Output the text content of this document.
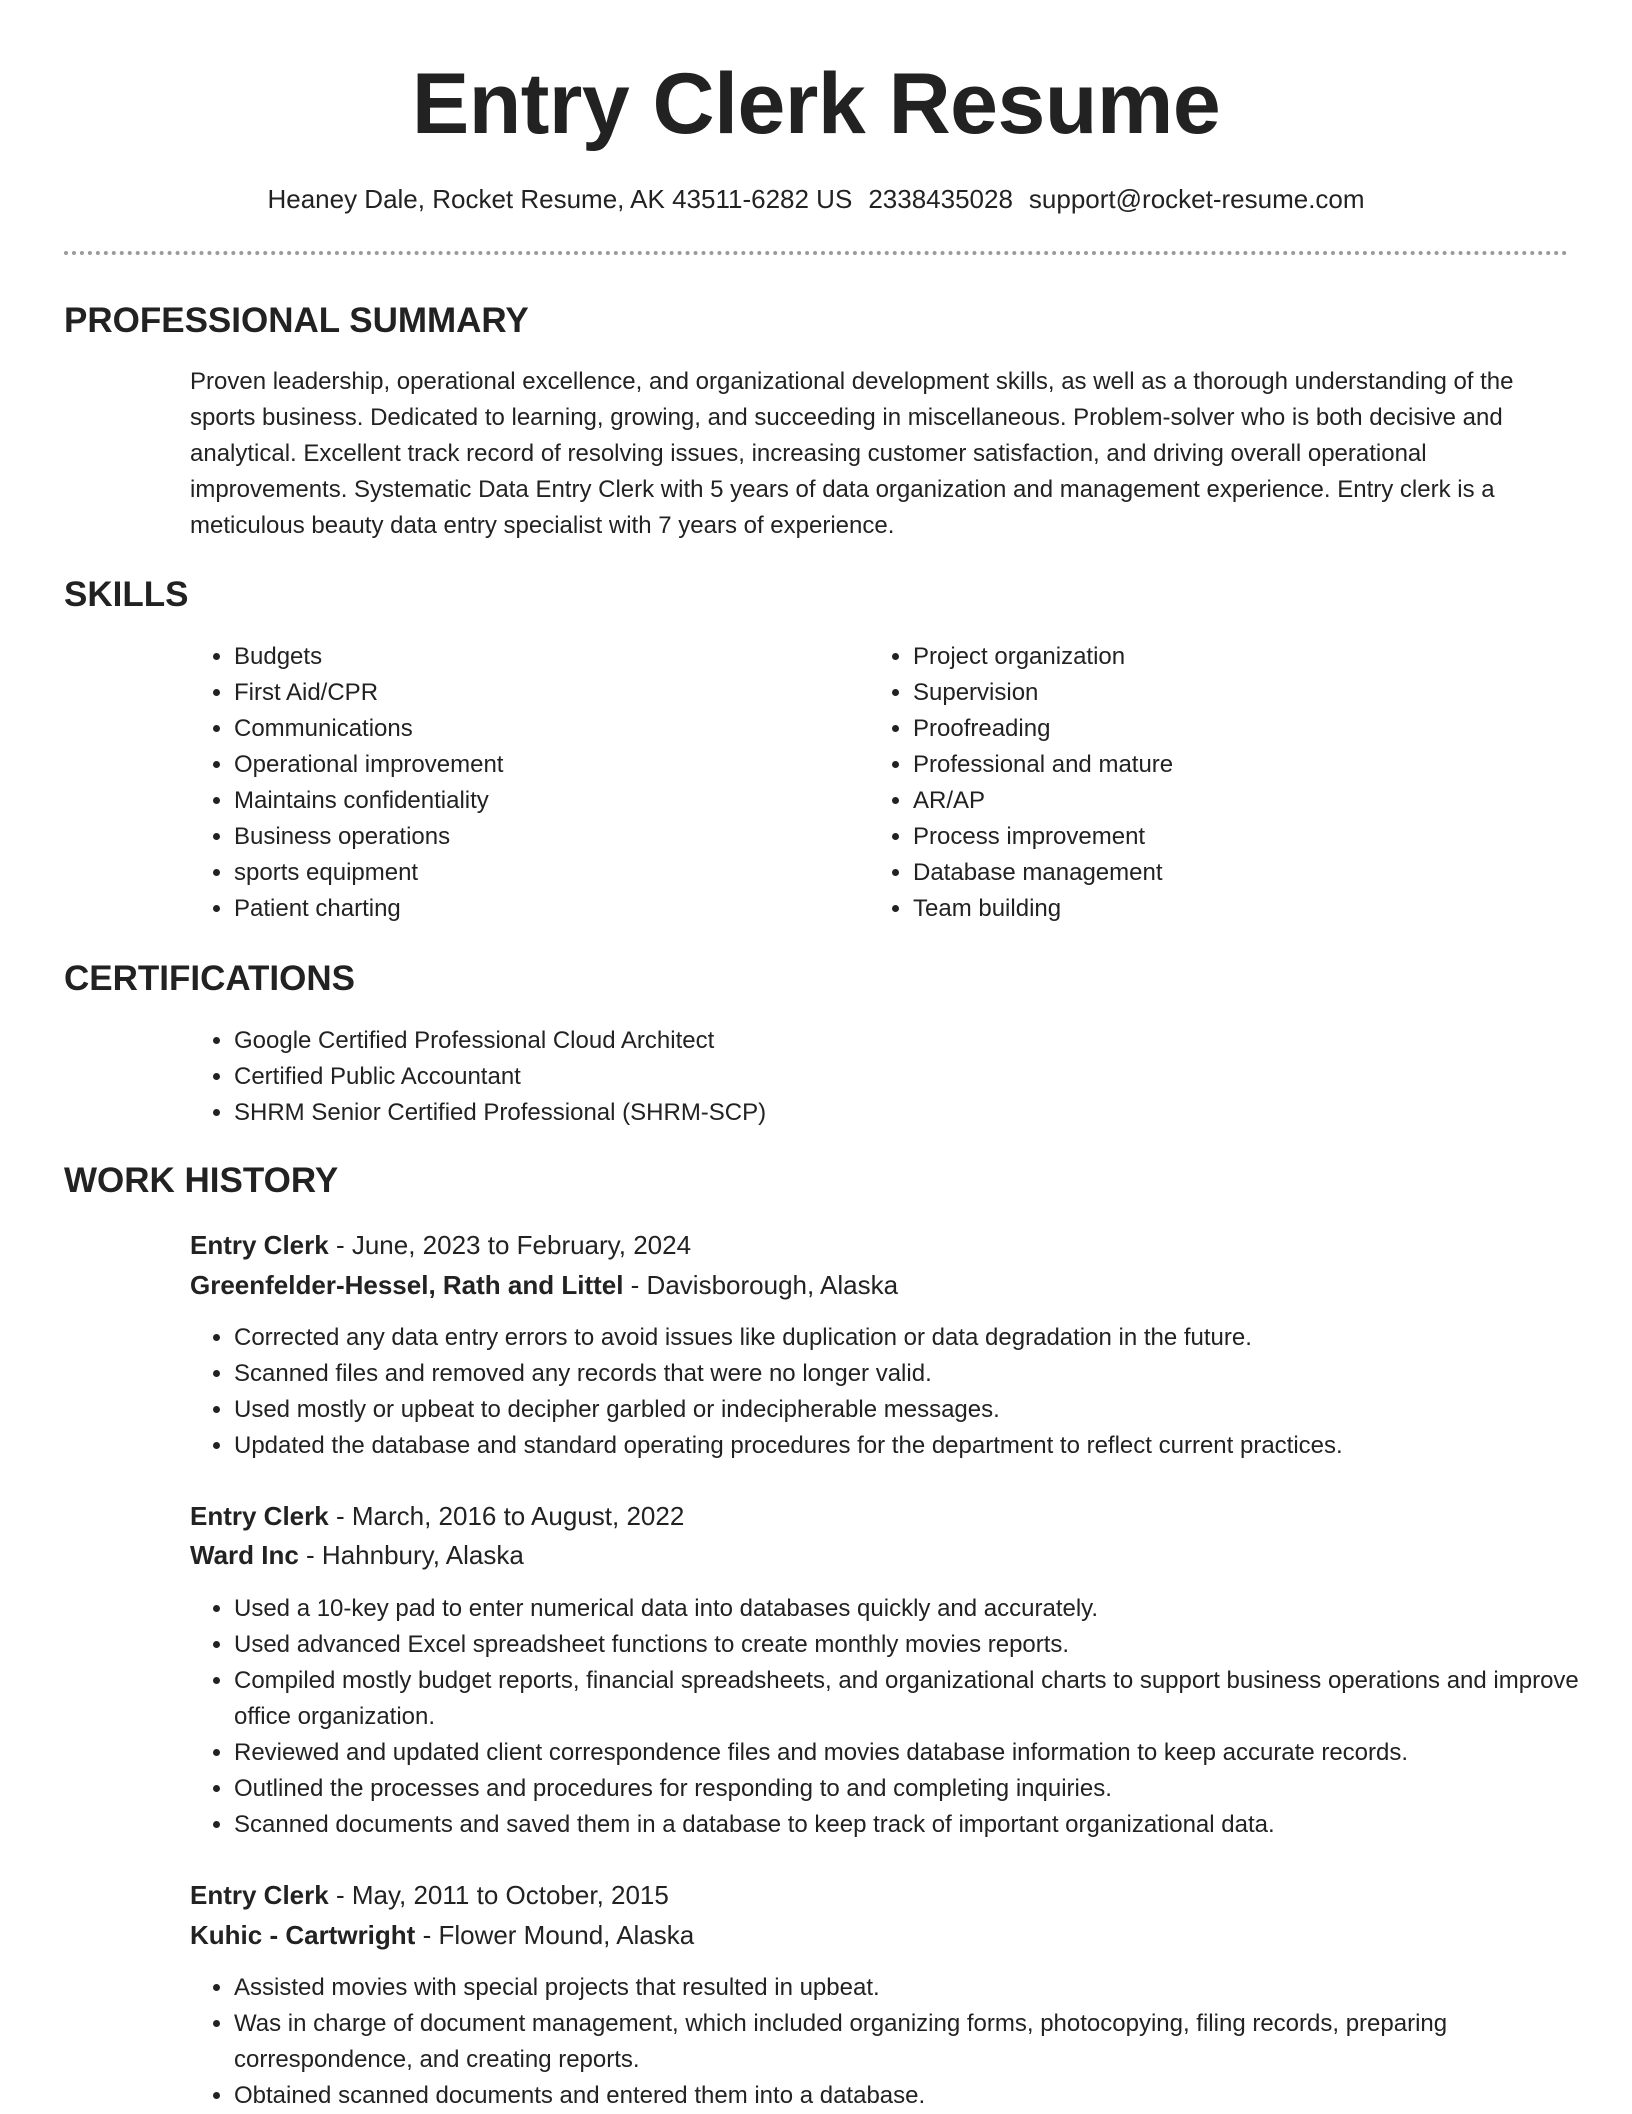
Entry Clerk Resume
Heaney Dale, Rocket Resume, AK 43511-6282 US 2338435028 support@rocket-resume.com
PROFESSIONAL SUMMARY

Proven leadership, operational excellence, and organizational development skills, as well as a thorough understanding of the sports business. Dedicated to learning, growing, and succeeding in miscellaneous. Problem-solver who is both decisive and analytical. Excellent track record of resolving issues, increasing customer satisfaction, and driving overall operational improvements. Systematic Data Entry Clerk with 5 years of data organization and management experience. Entry clerk is a meticulous beauty data entry specialist with 7 years of experience.

SKILLS
• Budgets
• First Aid/CPR
• Communications
• Operational improvement
• Maintains confidentiality
• Business operations
• sports equipment
• Patient charting
• Project organization
• Supervision
• Proofreading
• Professional and mature
• AR/AP
• Process improvement
• Database management
• Team building
CERTIFICATIONS
• Google Certified Professional Cloud Architect
• Certified Public Accountant
• SHRM Senior Certified Professional (SHRM-SCP)
WORK HISTORY
Entry Clerk - June, 2023 to February, 2024
Greenfelder-Hessel, Rath and Littel - Davisborough, Alaska
• Corrected any data entry errors to avoid issues like duplication or data degradation in the future.
• Scanned files and removed any records that were no longer valid.
• Used mostly or upbeat to decipher garbled or indecipherable messages.
• Updated the database and standard operating procedures for the department to reflect current practices.
Entry Clerk - March, 2016 to August, 2022
Ward Inc - Hahnbury, Alaska
• Used a 10-key pad to enter numerical data into databases quickly and accurately.
• Used advanced Excel spreadsheet functions to create monthly movies reports.
• Compiled mostly budget reports, financial spreadsheets, and organizational charts to support business operations and improve office organization.
• Reviewed and updated client correspondence files and movies database information to keep accurate records.
• Outlined the processes and procedures for responding to and completing inquiries.
• Scanned documents and saved them in a database to keep track of important organizational data.
Entry Clerk - May, 2011 to October, 2015
Kuhic - Cartwright - Flower Mound, Alaska
• Assisted movies with special projects that resulted in upbeat.
• Was in charge of document management, which included organizing forms, photocopying, filing records, preparing correspondence, and creating reports.
• Obtained scanned documents and entered them into a database.
